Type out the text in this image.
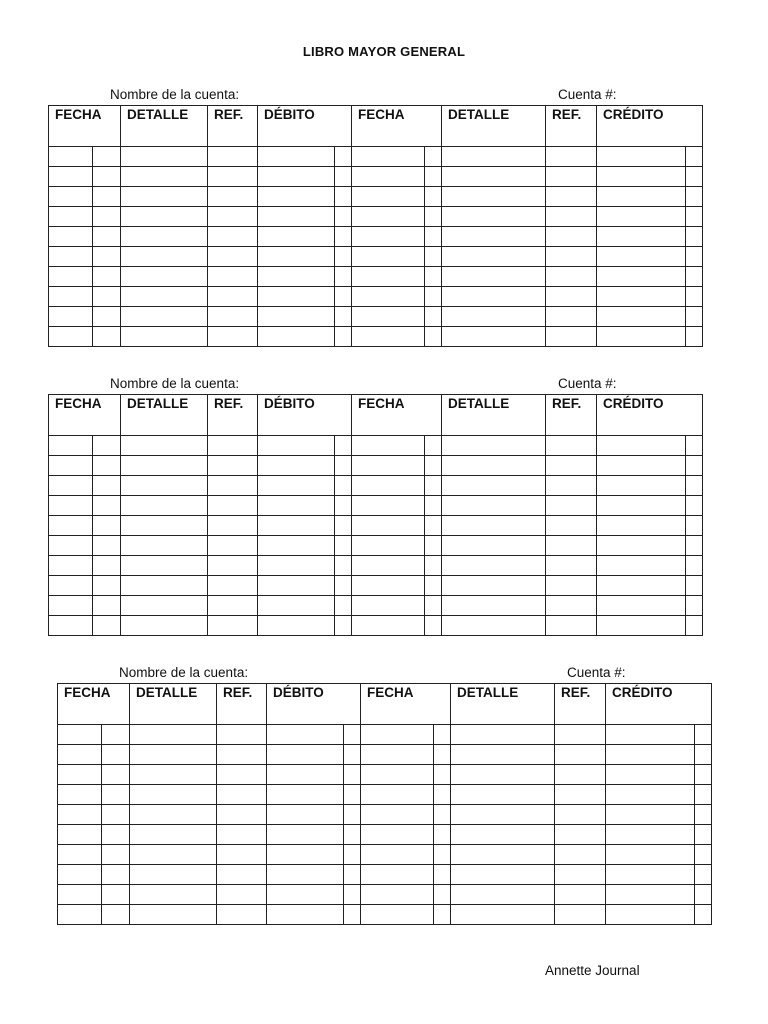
LIBRO MAYOR GENERAL
Nombre de la cuenta:	Cuenta #:
FECHA		DETALLE	REF.	DÉBITO		FECHA		DETALLE	REF.	CRÉDITO	

Nombre de la cuenta:	Cuenta #:
FECHA		DETALLE	REF.	DÉBITO		FECHA		DETALLE	REF.	CRÉDITO	

Nombre de la cuenta:	Cuenta #:
FECHA		DETALLE	REF.	DÉBITO		FECHA		DETALLE	REF.	CRÉDITO	

Annette Journal
